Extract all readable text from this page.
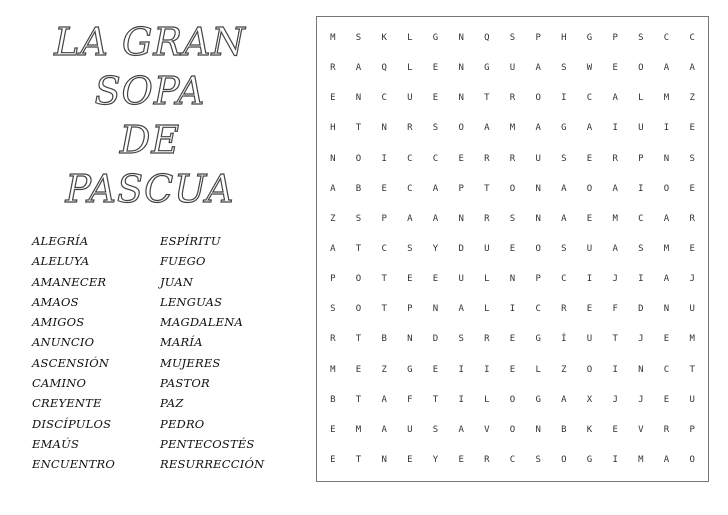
LA GRAN
SOPA
DE
PASCUA
ALEGRÍA	ESPÍRITU
ALELUYA	FUEGO
AMANECER	JUAN
AMAOS	LENGUAS
AMIGOS	MAGDALENA
ANUNCIO	MARÍA
ASCENSIÓN	MUJERES
CAMINO	PASTOR
CREYENTE	PAZ
DISCÍPULOS	PEDRO
EMAÚS	PENTECOSTÉS
ENCUENTRO	RESURRECCIÓN
M	S	K	L	G	N	Q	S	P	H	G	P	S	C	C
R	A	Q	L	E	N	G	U	A	S	W	E	O	A	A
E	N	C	U	E	N	T	R	O	I	C	A	L	M	Z
H	T	N	R	S	O	A	M	A	G	A	I	U	I	E
N	O	I	C	C	E	R	R	U	S	E	R	P	N	S
A	B	E	C	A	P	T	O	N	A	O	A	I	O	E
Z	S	P	A	A	N	R	S	N	A	E	M	C	A	R
A	T	C	S	Y	D	U	E	O	S	U	A	S	M	E
P	O	T	E	E	U	L	N	P	C	I	J	I	A	J
S	O	T	P	N	A	L	I	C	R	E	F	D	N	U
R	T	B	N	D	S	R	E	G	Í	U	T	J	E	M
M	E	Z	G	E	I	I	E	L	Z	O	I	N	C	T
B	T	A	F	T	I	L	O	G	A	X	J	J	E	U
E	M	A	U	S	A	V	O	N	B	K	E	V	R	P
E	T	N	E	Y	E	R	C	S	O	G	I	M	A	O
